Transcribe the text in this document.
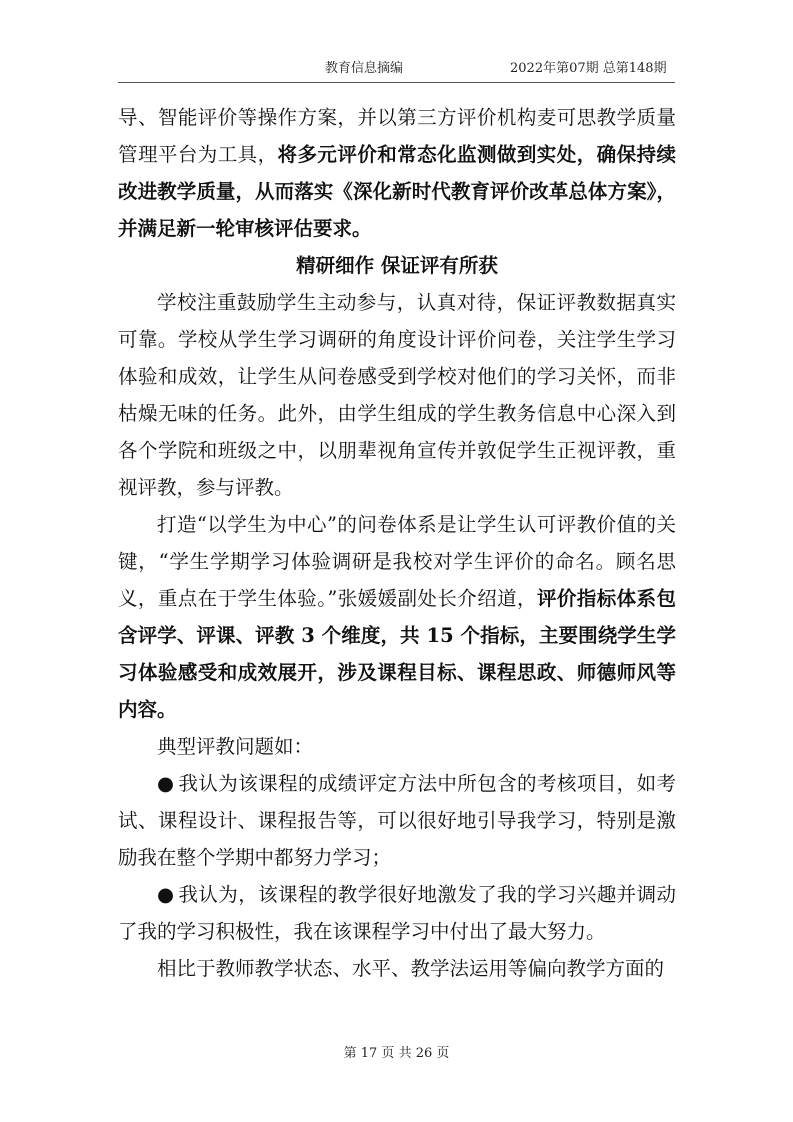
教育信息摘编	2022年第07期 总第148期

导、智能评价等操作方案，并以第三方评价机构麦可思教学质量管理平台为工具，将多元评价和常态化监测做到实处，确保持续改进教学质量，从而落实《深化新时代教育评价改革总体方案》，并满足新一轮审核评估要求。

精研细作 保证评有所获

学校注重鼓励学生主动参与，认真对待，保证评教数据真实可靠。学校从学生学习调研的角度设计评价问卷，关注学生学习体验和成效，让学生从问卷感受到学校对他们的学习关怀，而非枯燥无味的任务。此外，由学生组成的学生教务信息中心深入到各个学院和班级之中，以朋辈视角宣传并敦促学生正视评教，重视评教，参与评教。

打造“以学生为中心”的问卷体系是让学生认可评教价值的关键，“学生学期学习体验调研是我校对学生评价的命名。顾名思义，重点在于学生体验。”张媛媛副处长介绍道，评价指标体系包含评学、评课、评教 3 个维度，共 15 个指标，主要围绕学生学习体验感受和成效展开，涉及课程目标、课程思政、师德师风等内容。

典型评教问题如：

● 我认为该课程的成绩评定方法中所包含的考核项目，如考试、课程设计、课程报告等，可以很好地引导我学习，特别是激励我在整个学期中都努力学习；

● 我认为，该课程的教学很好地激发了我的学习兴趣并调动了我的学习积极性，我在该课程学习中付出了最大努力。

相比于教师教学状态、水平、教学法运用等偏向教学方面的

第 17 页 共 26 页
